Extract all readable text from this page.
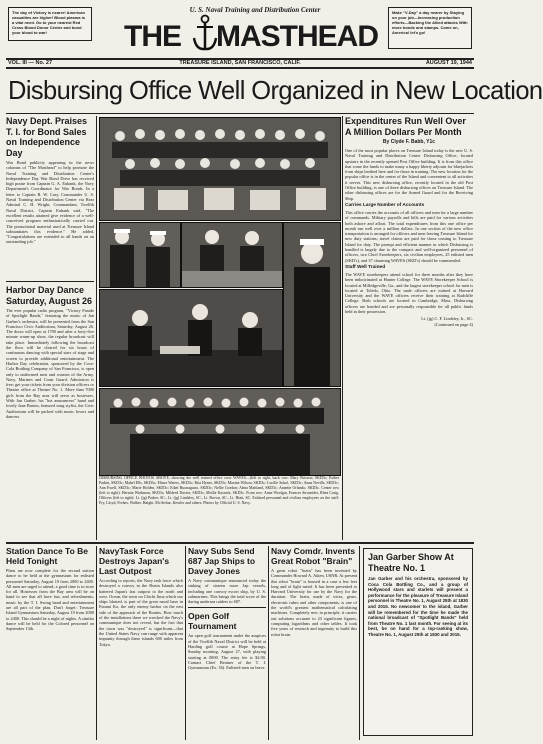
The day of Victory is nearer! American casualties are higher! Blood plasma is a vital need. Go to your nearest Red Cross Blood Donor Center and bond your blood to war!
U. S. Naval Training and Distribution Center
THE MASTHEAD
Make "V-Day" a day nearer by Staying on your job—Increasing production efforts—Backing the Allied attacks With more bonds and stamps. Come on, America! let's go!
VOL. III — No. 27	TREASURE ISLAND, SAN FRANCISCO, CALIF.	AUGUST 19, 1944
Disbursing Office Well Organized in New Location
Navy Dept. Praises T. I. for Bond Sales on Independence Day
War Bond publicity appearing in the news columns of "The Masthead" to help promote the Naval Training and Distribution Center's Independence Day War Bond Drive has received high praise from Captain G. A. Eubank, the Navy Department's Coordinator for War Bonds. In a letter to Captain R. W. Cary, Commander U. S. Naval Training and Distribution Center via Rear Admiral C. H. Wright, Commandant, Twelfth Naval District, Captain Eubank said, "The excellent results attained give evidence of a well-conceived program enthusiastically carried out. The promotional material used at Treasure Island substantiates this evidence." He added, "Congratulations are extended to all hands on an outstanding job."
Harbor Day Dance Saturday, August 26
The ever popular radio program, "Victory Parade of Spotlight Bands," featuring the music of Jan Garber's orchestra, will be presented from the San Francisco Civic Auditorium, Saturday, August 26. The doors will open at 1700 and after a forty-five minute warm-up show, the regular broadcast will take place. Immediately following the broadcast the floor will be cleared for six hours of continuous dancing with special stars of stage and screen to provide additional entertainment. The Harbor Day celebration, sponsored by the Coca-Cola Bottling Company of San Francisco, is open only to uniformed men and women of the Army, Navy, Marines and Coast Guard. Admission is free; get your tickets from your division officers or Theatre office at Theatre No. 1. More than 7000 girls from the Bay area will serve as hostesses. With Jan Garber, his "hot announcers" band and lovely Jane Barton, featured song stylist, the Civic Auditorium will be packed with music lovers and dancers.
DISBURSING OFFICE PHOTOS ABOVE, showing the well trained office crew WAVES—(left to right, back row: Mary Bristow, SKD3c; Esther Parkin, SKD3c; Mabel Ells, SKD3c; Elinor Waters, SKD3c; Rita Hynes, SKD3c; Maxine Wilson, SKD3c; Lucille Sokol, SKD3c; Anna Nevills, SKD3c; Ann Ewell, SKD3c; Marie Holden, SKD3c; Ethel Buonagurio, SKD3c; Nellie Gordon; Alma Maitland, SKD3c; Annette Orlando, SKD3c. Center row (left to right): Hermia Winkman, SKD3c; Mildred Davies, SKD3c; Mollie Kasnick, SKD3c. Front row: Anne Woolgar, Frances Strosnider, Rhea Craig. Officers (left to right): Lt. (jg) Parker, SC., Lt. (jg) Lindsley, SC., Lt. Brown, SC., Lt. Hiatt, SC. Enlisted personnel and civilian employees on the staff: Fry, Lloyd, Forbes, Walker, Haight, McArthur, Kessler and others. Photos by Official U. S. Navy.
Expenditures Run Well Over A Million Dollars Per Month
By Clyde F. Babb, Y1c
One of the most popular places on Treasure Island today is the new U. S. Naval Training and Distribution Center Disbursing Office, located upstairs in the recently opened Post Office building. It is from this office that come the funds to make many a happy liberty adjourn for bluejackets from ships berthed here and for those in training. The new location for the popular office is in the center of the Island and convenient to all activities it serves. This new disbursing office, recently located in the old Post Office building, is one of three disbursing offices on Treasure Island. The other disbursing offices are for the Armed Guard and for the Receiving Ship.
Carries Large Number of Accounts
This office carries the accounts of all officers and men for a large number of commands. Military payrolls and bills are paid for various activities both ashore and afloat. The total expenditures from this one office per month run well over a million dollars. In one section of the new office transportation is arranged for officers and men leaving Treasure Island for new duty stations; travel claims are paid for those coming to Treasure Island for duty. The prompt and efficient manner in which Disbursing is handled is largely due to the compact and well-organized personnel of officers, two Chief Storekeepers, six civilian employees, 25 enlisted men (SKD's), and 37 charming WAVES (SKD's) should be commended.
Staff Well Trained
The WAVE storekeepers attend school for three months after they have been indoctrinated at Hunter College. The WAVE Storekeeper School is located at Milledgeville, Ga., and the largest storekeeper school for men is located at Toledo, Ohio. The male officers are trained at Harvard University and the WAVE officers receive their training at Radcliffe College. Both schools are located in Cambridge, Mass. Disbursing officers are bonded and are personally responsible for all public funds held in their possession.
Lt. (jg) C. F. Lindsley, Jr., SC.
(Continued on page 4)
Station Dance To Be Held Tonight
Plans are now complete for the second station dance to be held at the gymnasium for enlisted personnel Saturday, August 19 from 2000 to 2400. All men are urged to attend; a good time is in store for all. Hostesses from the Bay area will be on hand to see that all have fun, and refreshments, music by the T. I. Swing band and entertainment are all part of the plan. Don't forget: Treasure Island Gymnasium Saturday, August 19 from 2000 to 2400. This should be a night of nights. A similar dance will be held for the Colored personnel on September 13th.
NavyTask Force Destroys Japan's Last Outpost
According to reports, the Navy task force which destroyed a convoy in the Bonin Islands also battered Japan's last outpost to the north and west. Ocean, the town on Chichi Jima which our ships blasted, is part of the great naval base in Futami Ko, the only enemy harbor on the east side of the approach of the Bonins. How much of the installations there we wrecked the Navy's communique does not reveal, but the fact that the town was "destroyed" is significant—that the United States Navy can range with apparent impunity through these islands 600 miles from Tokyo.
Navy Subs Send 687 Jap Ships to Davey Jones
A Navy communique announced today the sinking of sixteen more Jap vessels, including one convoy escort ship, by U. S. submarines. This brings the total score of the daring undersea raiders to 687.
Open Golf Tournament
An open golf tournament under the auspices of the Twelfth Naval District will be held at Harding golf course at Hope Springs, Sunday morning, August 27, with playing starting at 0800. The entry fee is $2.00. Contact Chief Beutner of the T. I. Gymnasium (Ex. 36). Enlisted men on leave.
Navy Comdr. Invents Great Robot "Brain"
A great robot "brain" has been invented by Commander Howard A. Aiken, USNR. At present this robot "brain" is housed in a case a few feet long and of light metal. It has been presented to Harvard University for use by the Navy for the duration. The brain, made of wires, gears, electronic tubes and other components, is one of the world's greatest mathematical calculating machines. Completely new in principle, it carries out solutions accurate to 23 significant figures, computing logarithms and other tables. It took five years of research and ingenuity to build this robot brain.
Jan Garber Show At Theatre No. 1
Jan Garber and his orchestra, sponsored by Coca Cola Bottling Co., and a group of Hollywood stars and starlets will present a performance for the pleasure of Treasure Island personnel in Theatre No. 1, August 25th at 1830 and 2015. No newcomer to the island, Garber will be remembered for the time he made the national broadcast of "Spotlight Bands" held from Theatre No. 1 last month. For seeing at its best, be on hand for a top-ranking show, Theatre No. 1, August 25th at 1830 and 2015.
